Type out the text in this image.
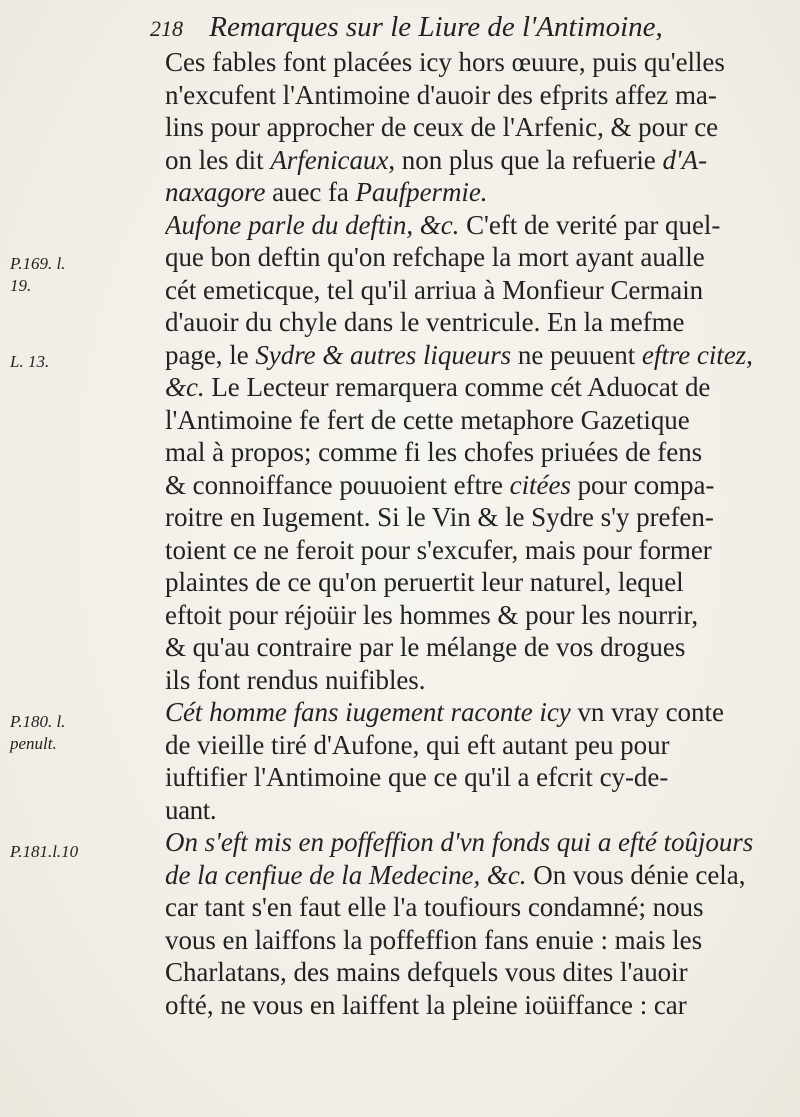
218 Remarques sur le Liure de l'Antimoine,
P.169. l.
19.
L. 13.
P.180. l.
penult.
P.181.l.10
Ces fables font placées icy hors œuure, puis qu'elles
n'excufent l'Antimoine d'auoir des efprits affez ma-
lins pour approcher de ceux de l'Arfenic, & pour ce
on les dit Arfenicaux, non plus que la refuerie d'A-
naxagore auec fa Paufpermie.
Aufone parle du deftin, &c. C'eft de verité par quel-
que bon deftin qu'on refchape la mort ayant aualle
cét emeticque, tel qu'il arriua à Monfieur Cermain
d'auoir du chyle dans le ventricule. En la mefme
page, le Sydre & autres liqueurs ne peuuent eftre citez,
&c. Le Lecteur remarquera comme cét Aduocat de
l'Antimoine fe fert de cette metaphore Gazetique
mal à propos; comme fi les chofes priuées de fens
& connoiffance pouuoient eftre citées pour compa-
roitre en Iugement. Si le Vin & le Sydre s'y prefen-
toient ce ne feroit pour s'excufer, mais pour former
plaintes de ce qu'on peruertit leur naturel, lequel
eftoit pour réjoüir les hommes & pour les nourrir,
& qu'au contraire par le mélange de vos drogues
ils font rendus nuifibles.
Cét homme fans iugement raconte icy vn vray conte
de vieille tiré d'Aufone, qui eft autant peu pour
iuftifier l'Antimoine que ce qu'il a efcrit cy-de-
uant.
On s'eft mis en poffeffion d'vn fonds qui a efté toûjours
de la cenfiue de la Medecine, &c. On vous dénie cela,
car tant s'en faut elle l'a toufiours condamné; nous
vous en laiffons la poffeffion fans enuie : mais les
Charlatans, des mains defquels vous dites l'auoir
ofté, ne vous en laiffent la pleine ioüiffance : car
